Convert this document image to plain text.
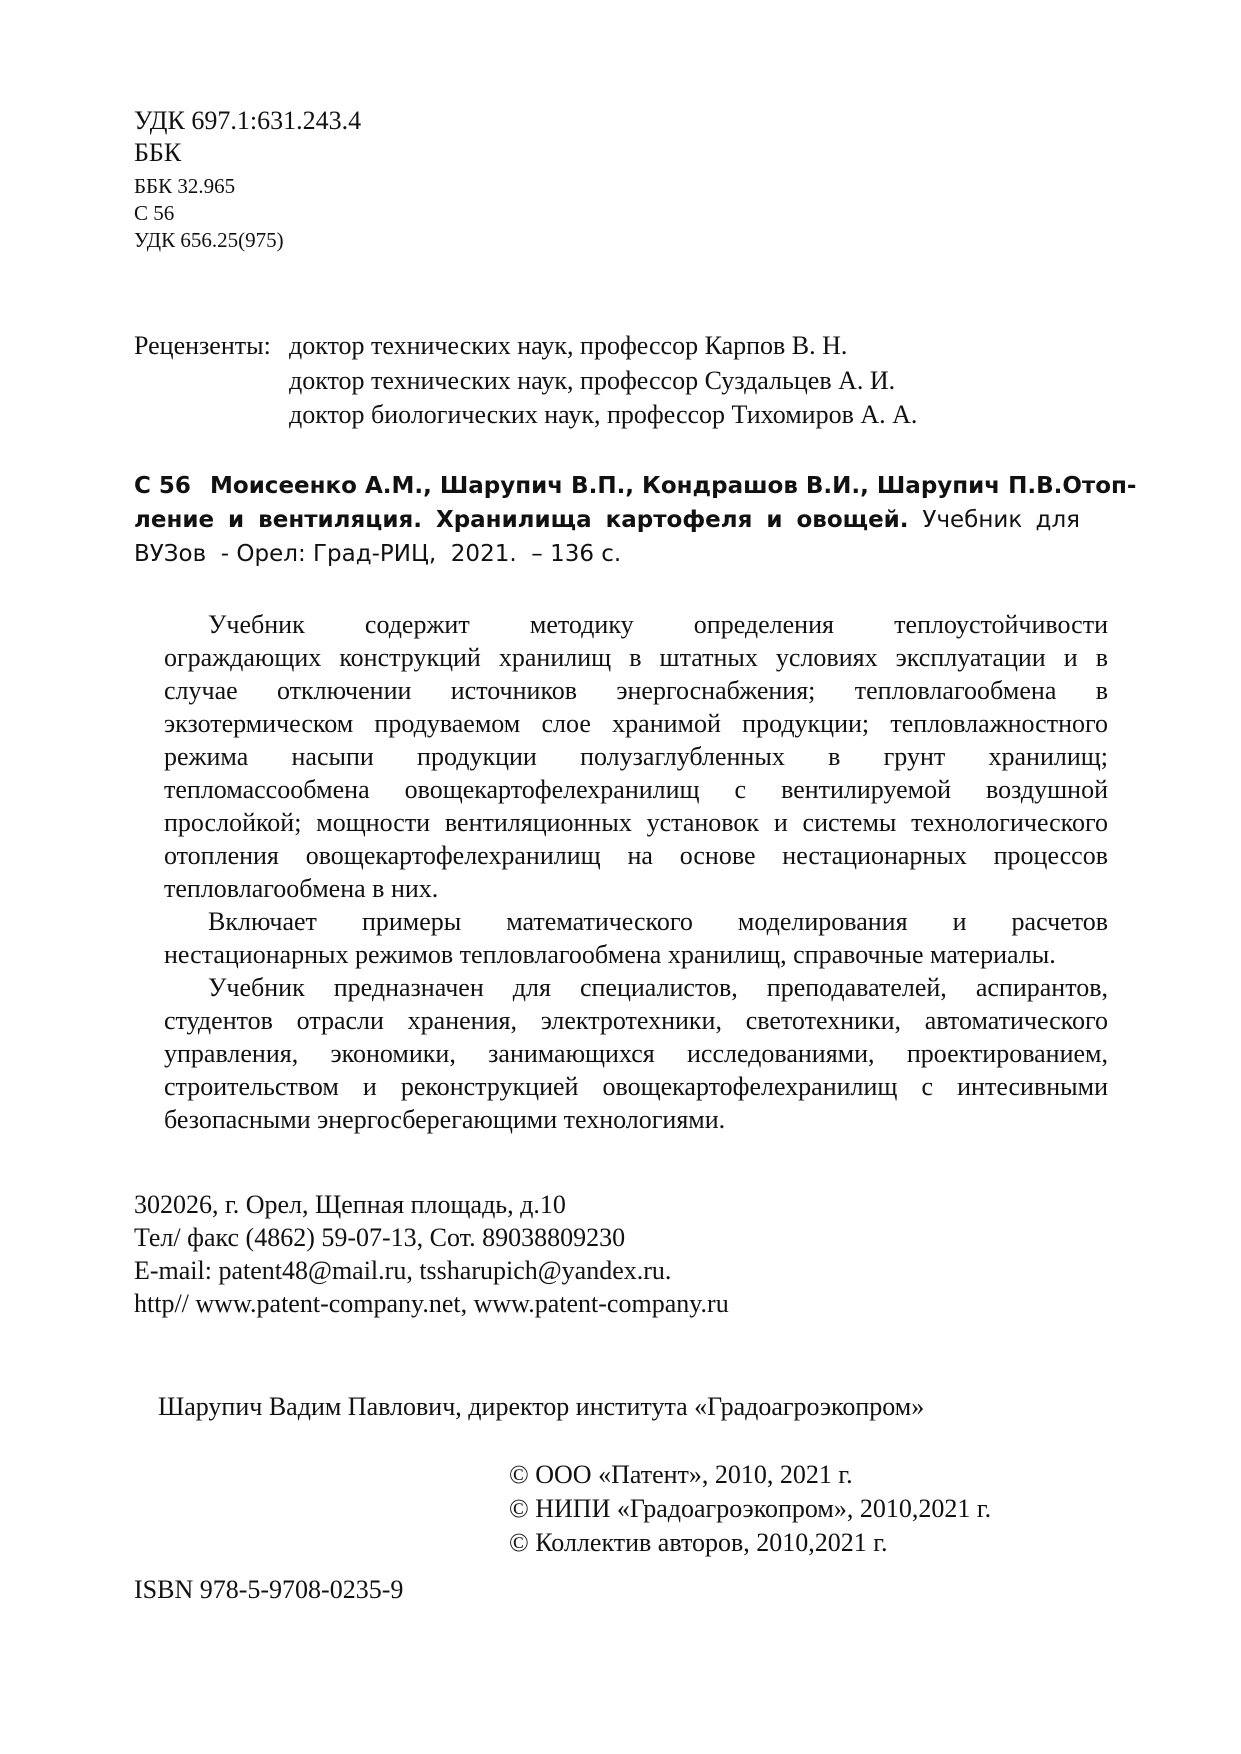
УДК 697.1:631.243.4
ББК
ББК 32.965
С 56
УДК 656.25(975)
Рецензенты: доктор технических наук, профессор Карпов В. Н.
доктор технических наук, профессор Суздальцев А. И.
доктор биологических наук, профессор Тихомиров А. А.
С 56 Моисеенко А.М., Шарупич В.П., Кондрашов В.И., Шарупич П.В. Отоп-
ление и вентиляция. Хранилища картофеля и овощей. Учебник для
ВУЗов  - Орел: Град-РИЦ,  2021.  – 136 с.
Учебник содержит методику определения теплоустойчивости
ограждающих конструкций хранилищ в штатных условиях эксплуатации и в
случае отключении источников энергоснабжения; тепловлагообмена в
экзотермическом продуваемом слое хранимой продукции; тепловлажностного
режима насыпи продукции полузаглубленных в грунт хранилищ;
тепломассообмена овощекартофелехранилищ с вентилируемой воздушной
прослойкой; мощности вентиляционных установок и системы технологического
отопления овощекартофелехранилищ на основе нестационарных процессов
тепловлагообмена в них.
Включает примеры математического моделирования и расчетов
нестационарных режимов тепловлагообмена хранилищ, справочные материалы.
Учебник предназначен для специалистов, преподавателей, аспирантов,
студентов отрасли хранения, электротехники, светотехники, автоматического
управления, экономики, занимающихся исследованиями, проектированием,
строительством и реконструкцией овощекартофелехранилищ с интесивными
безопасными энергосберегающими технологиями.
302026, г. Орел, Щепная площадь, д.10
Тел/ факс (4862) 59-07-13, Сот. 89038809230
E-mail: patent48@mail.ru, tssharupich@yandex.ru.
http// www.patent-company.net, www.patent-company.ru
Шарупич Вадим Павлович, директор института «Градоагроэкопром»
© ООО «Патент», 2010, 2021 г.
© НИПИ «Градоагроэкопром», 2010,2021 г.
© Коллектив авторов, 2010,2021 г.
ISBN 978-5-9708-0235-9
